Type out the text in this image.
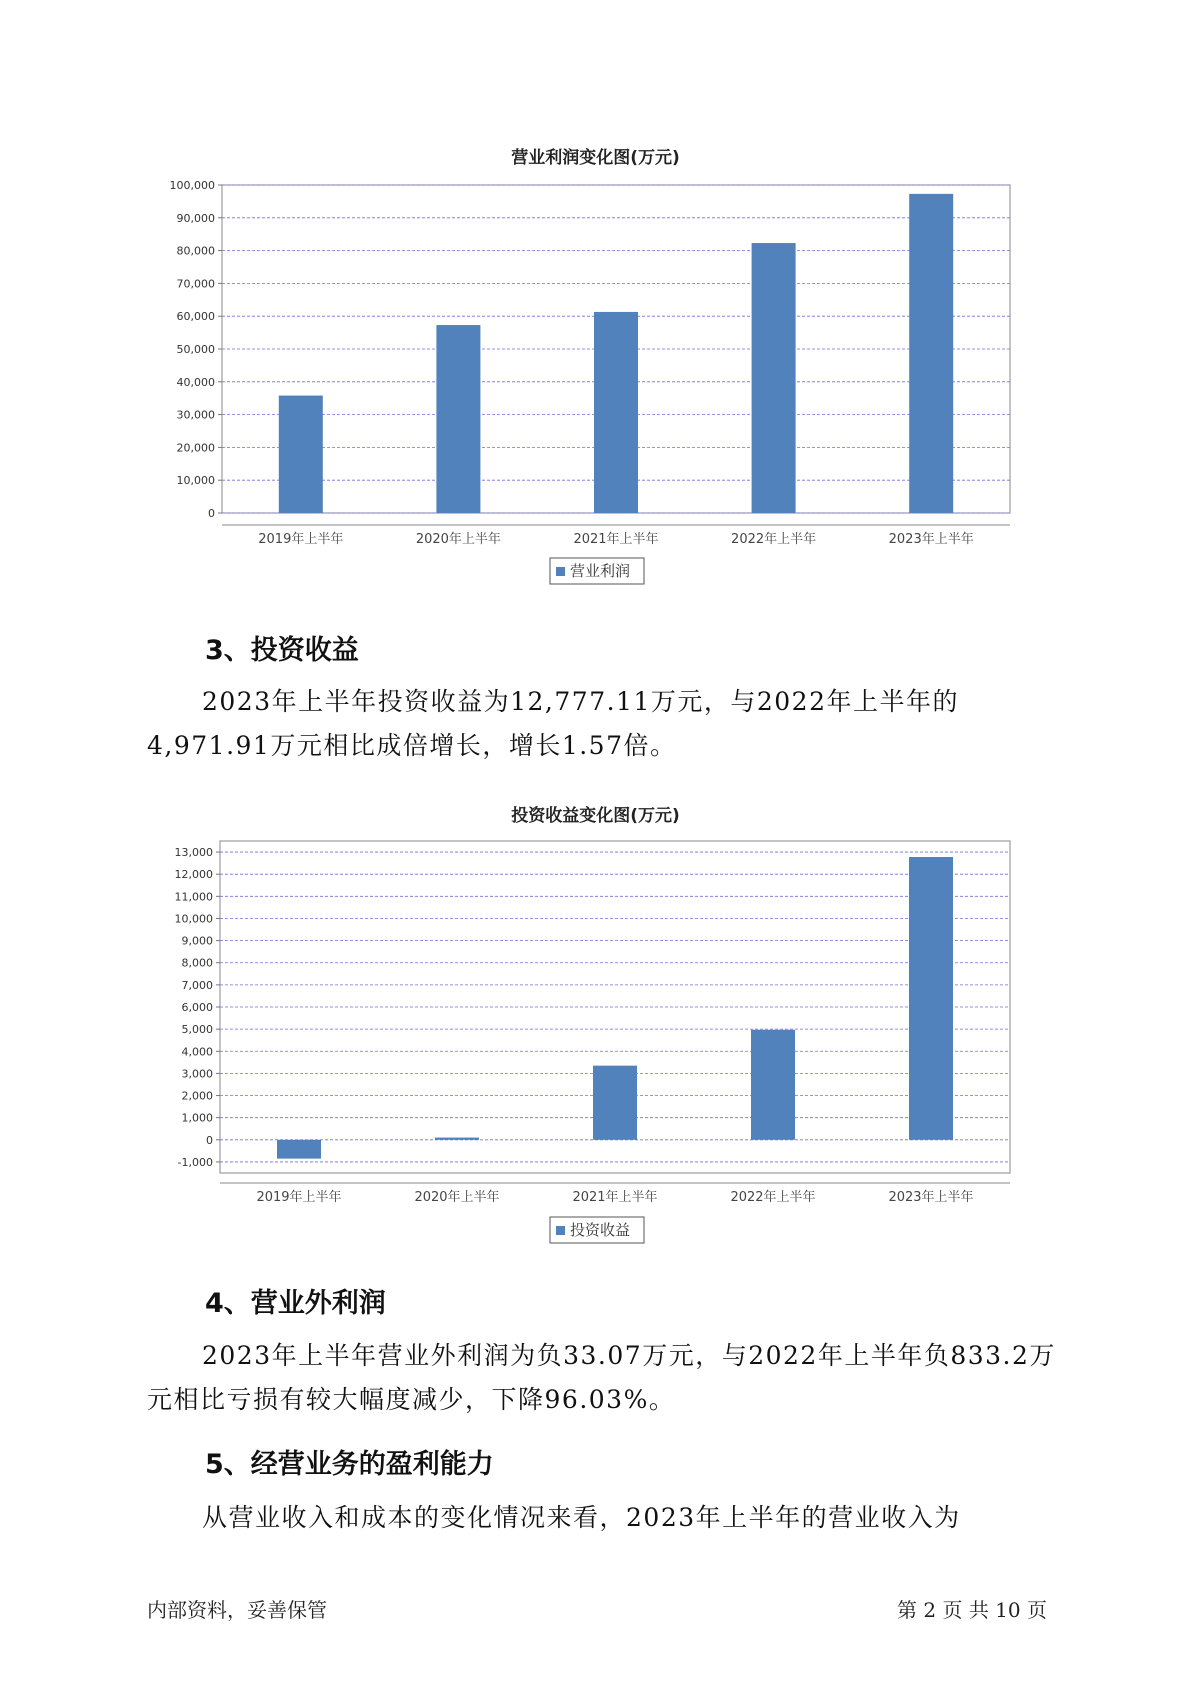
营业利润变化图(万元)
0
10,000
20,000
30,000
40,000
50,000
60,000
70,000
80,000
90,000
100,000
2019年上半年	2020年上半年	2021年上半年	2022年上半年	2023年上半年
营业利润
3、投资收益

2023年上半年投资收益为12,777.11万元，与2022年上半年的4,971.91万元相比成倍增长，增长1.57倍。

投资收益变化图(万元)
-1,000
0
1,000
2,000
3,000
4,000
5,000
6,000
7,000
8,000
9,000
10,000
11,000
12,000
13,000
2019年上半年	2020年上半年	2021年上半年	2022年上半年	2023年上半年
投资收益
4、营业外利润

2023年上半年营业外利润为负33.07万元，与2022年上半年负833.2万元相比亏损有较大幅度减少，下降96.03%。

5、经营业务的盈利能力

从营业收入和成本的变化情况来看，2023年上半年的营业收入为

内部资料，妥善保管	第 2 页 共 10 页
